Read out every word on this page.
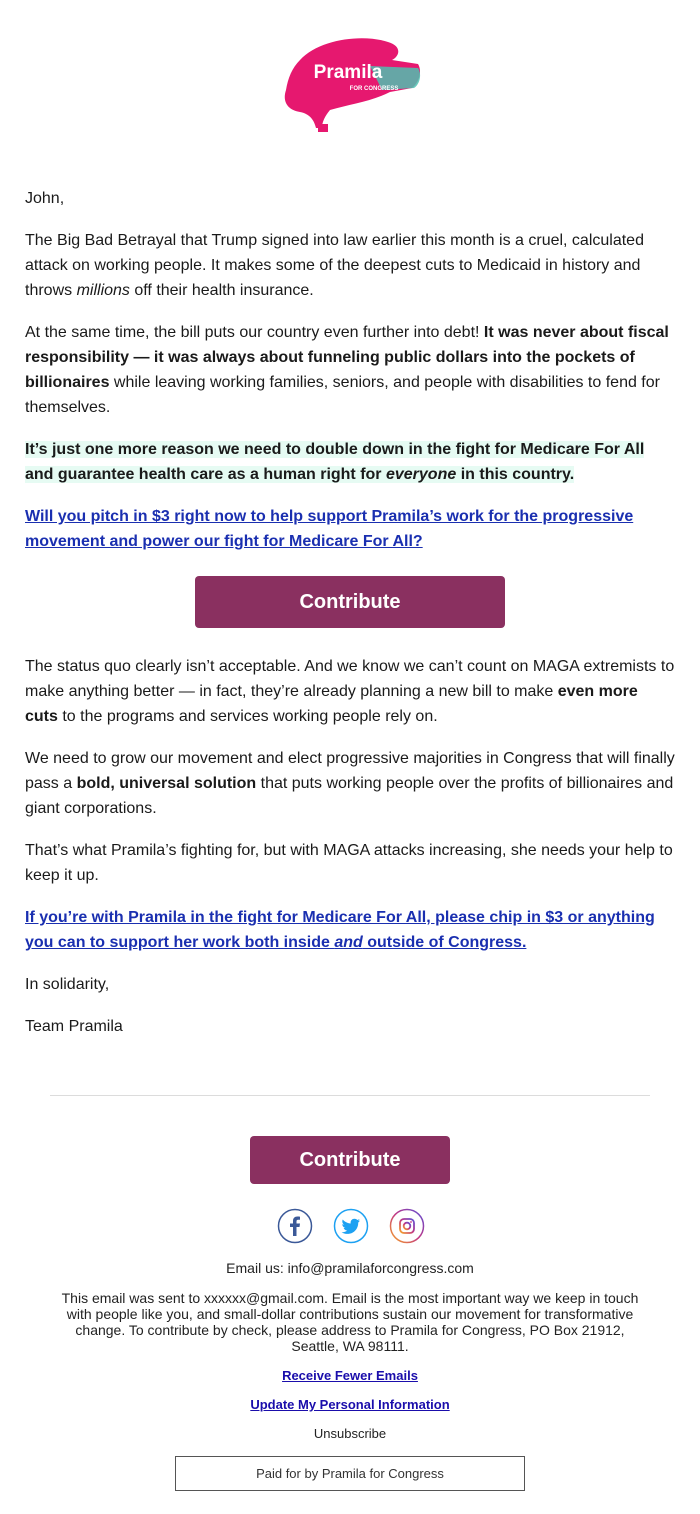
Pramila
FOR CONGRESS

John,

The Big Bad Betrayal that Trump signed into law earlier this month is a cruel, calculated attack on working people. It makes some of the deepest cuts to Medicaid in history and throws millions off their health insurance.

At the same time, the bill puts our country even further into debt! It was never about fiscal responsibility — it was always about funneling public dollars into the pockets of billionaires while leaving working families, seniors, and people with disabilities to fend for themselves.

It’s just one more reason we need to double down in the fight for Medicare For All and guarantee health care as a human right for everyone in this country.

Will you pitch in $3 right now to help support Pramila’s work for the progressive movement and power our fight for Medicare For All?

Contribute

The status quo clearly isn’t acceptable. And we know we can’t count on MAGA extremists to make anything better — in fact, they’re already planning a new bill to make even more cuts to the programs and services working people rely on.

We need to grow our movement and elect progressive majorities in Congress that will finally pass a bold, universal solution that puts working people over the profits of billionaires and giant corporations.

That’s what Pramila’s fighting for, but with MAGA attacks increasing, she needs your help to keep it up.

If you’re with Pramila in the fight for Medicare For All, please chip in $3 or anything you can to support her work both inside and outside of Congress.

In solidarity,

Team Pramila

Contribute

Email us: info@pramilaforcongress.com
This email was sent to xxxxxx@gmail.com. Email is the most important way we keep in touch with people like you, and small-dollar contributions sustain our movement for transformative change. To contribute by check, please address to Pramila for Congress, PO Box 21912, Seattle, WA 98111.
Receive Fewer Emails
Update My Personal Information
Unsubscribe
Paid for by Pramila for Congress
